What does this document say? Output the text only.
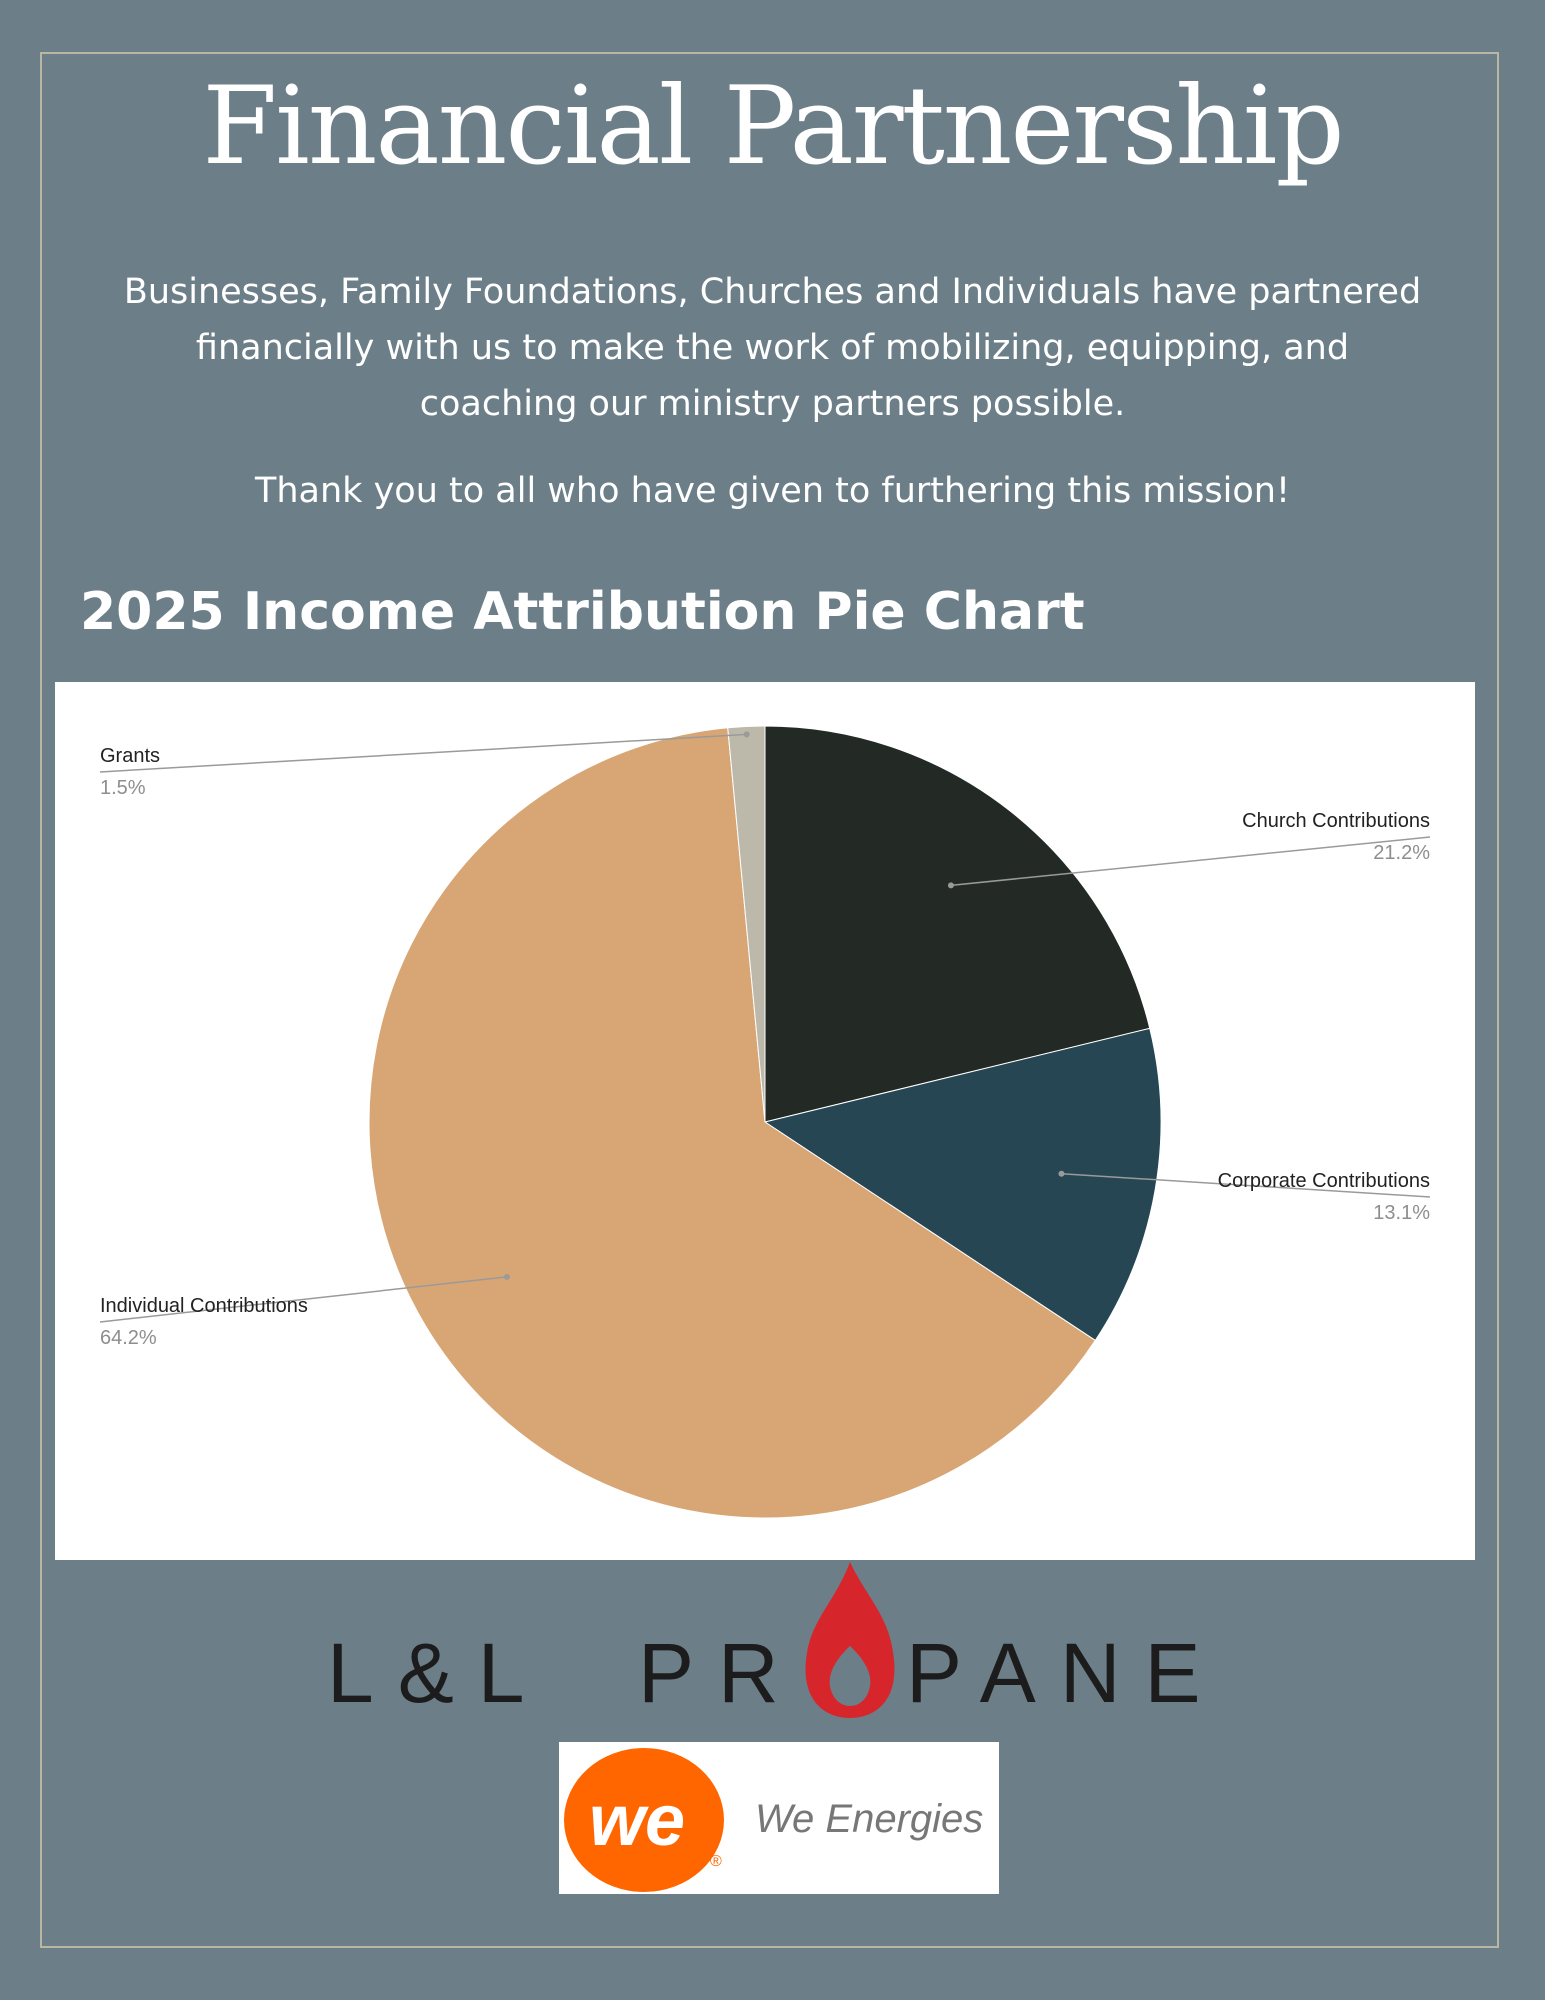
Financial Partnership

Businesses, Family Foundations, Churches and Individuals have partnered
financially with us to make the work of mobilizing, equipping, and
coaching our ministry partners possible.

Thank you to all who have given to furthering this mission!

2025 Income Attribution Pie Chart
Church Contributions
21.2%
Corporate Contributions
13.1%
Individual Contributions
64.2%
Grants
1.5%
L&L PR PANE
we
®
We Energies
